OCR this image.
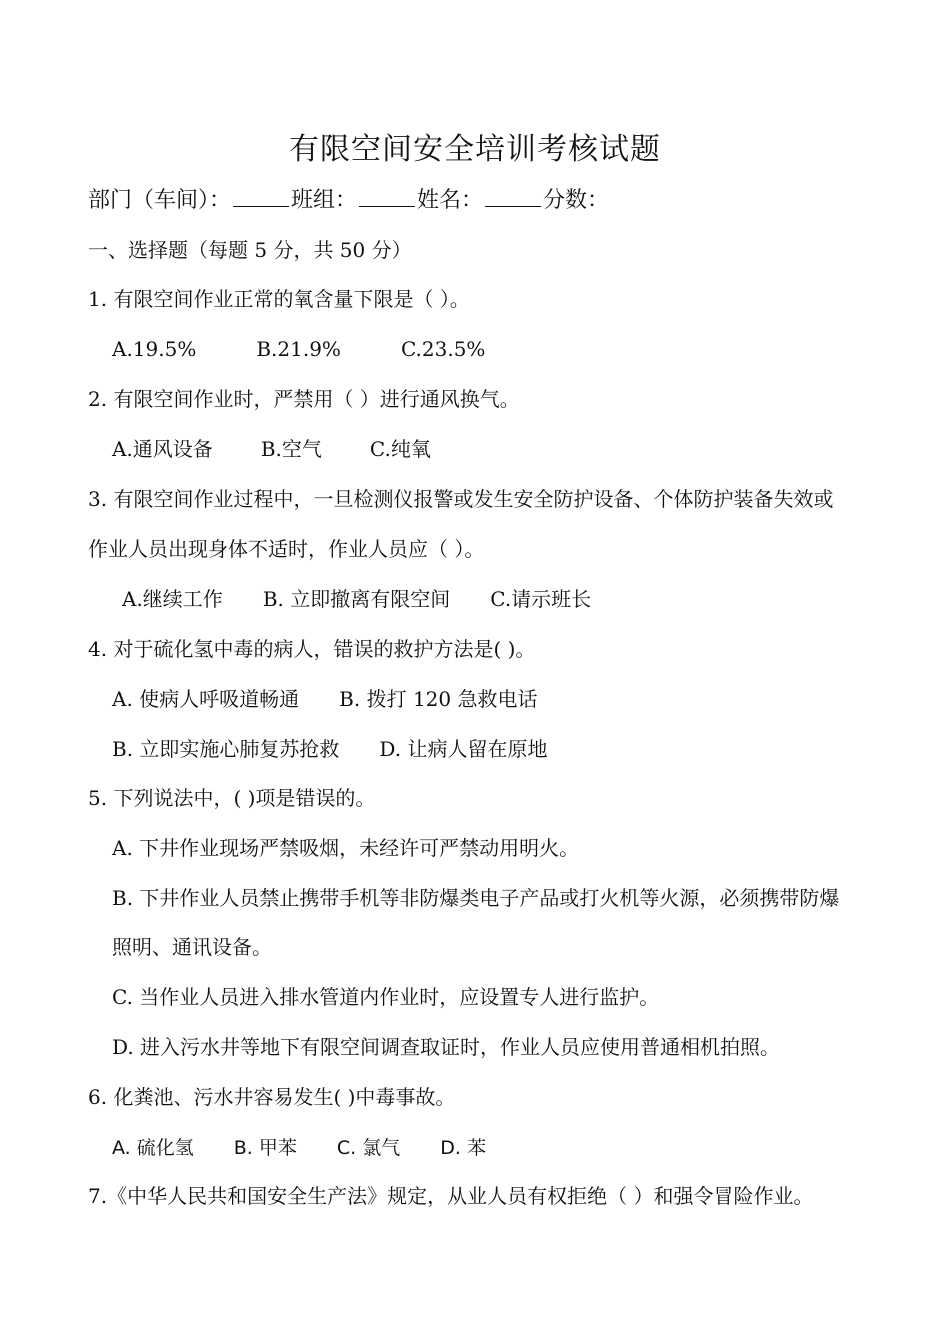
有限空间安全培训考核试题
部门（车间）：	班组：	姓名：	分数：
一、选择题（每题 5 分，共 50 分）
1. 有限空间作业正常的氧含量下限是（ ）。
A.19.5%	B.21.9%	C.23.5%
2. 有限空间作业时，严禁用（ ）进行通风换气。
A.通风设备 B.空气 C.纯氧
3. 有限空间作业过程中，一旦检测仪报警或发生安全防护设备、个体防护装备失效或
作业人员出现身体不适时，作业人员应（ ）。
A.继续工作 B. 立即撤离有限空间 C.请示班长
4. 对于硫化氢中毒的病人，错误的救护方法是( )。
A. 使病人呼吸道畅通 B. 拨打 120 急救电话
B. 立即实施心肺复苏抢救 D. 让病人留在原地
5. 下列说法中，( )项是错误的。
A. 下井作业现场严禁吸烟，未经许可严禁动用明火。
B. 下井作业人员禁止携带手机等非防爆类电子产品或打火机等火源，必须携带防爆
照明、通讯设备。
C. 当作业人员进入排水管道内作业时，应设置专人进行监护。
D. 进入污水井等地下有限空间调查取证时，作业人员应使用普通相机拍照。
6. 化粪池、污水井容易发生( )中毒事故。
A. 硫化氢 B. 甲苯 C. 氯气 D. 苯
7.《中华人民共和国安全生产法》规定，从业人员有权拒绝（ ）和强令冒险作业。
